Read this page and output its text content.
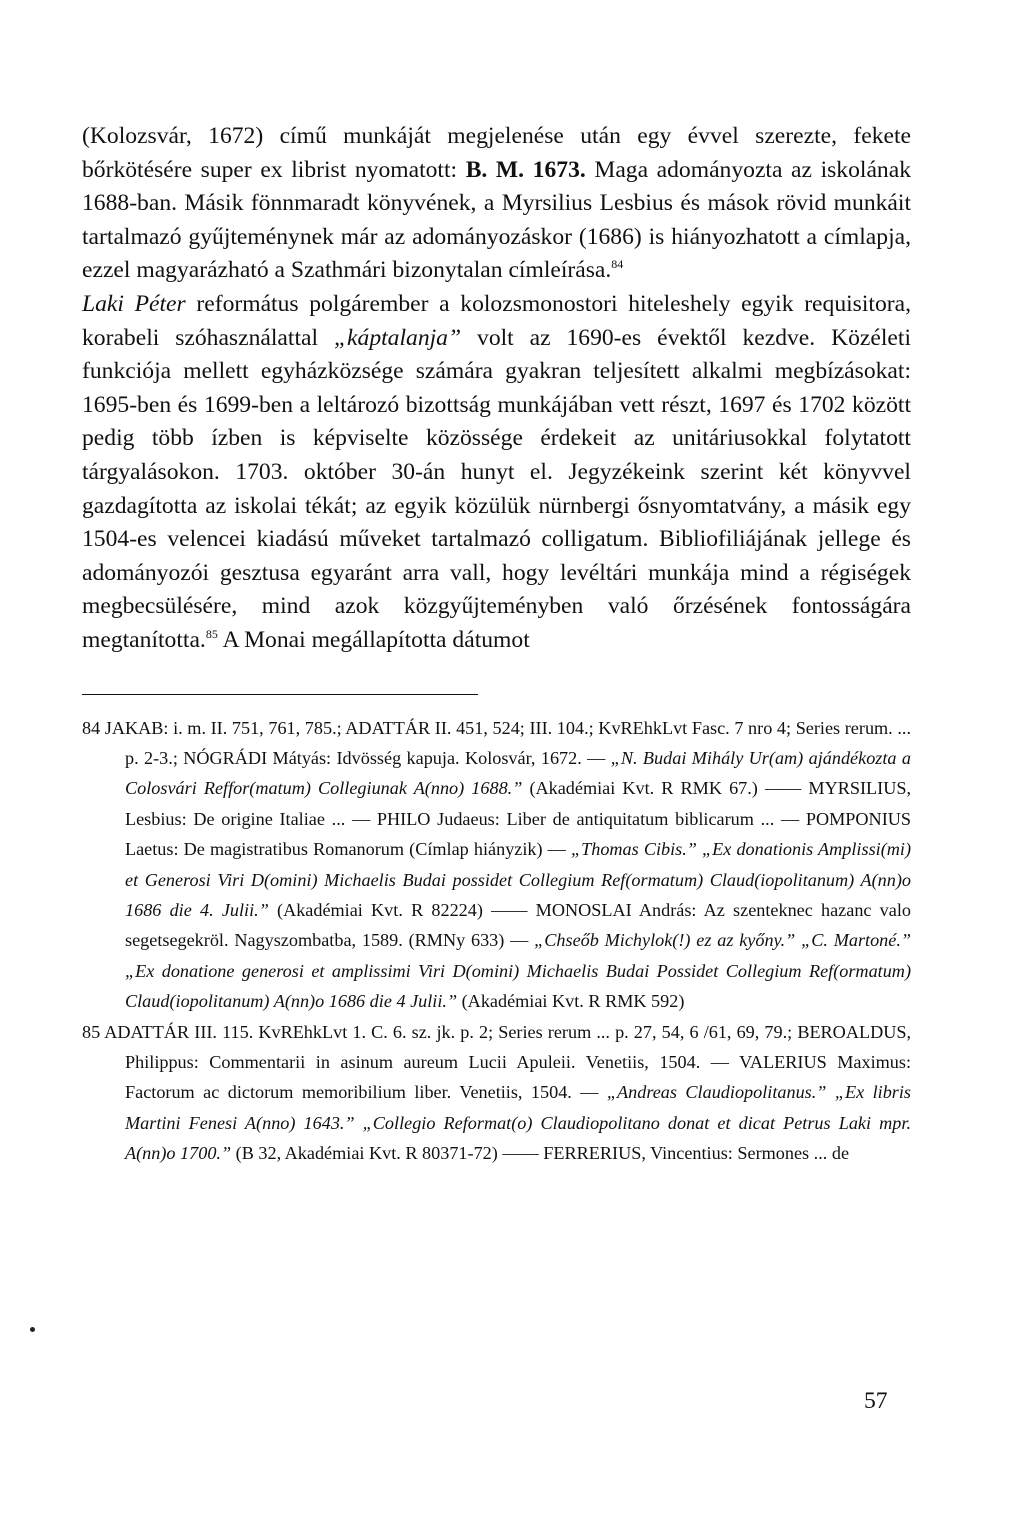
(Kolozsvár, 1672) című munkáját megjelenése után egy évvel szerezte, fekete bőrkötésére super ex librist nyomatott: B. M. 1673. Maga adományozta az iskolának 1688-ban. Másik fönnmaradt könyvének, a Myrsilius Lesbius és mások rövid munkáit tartalmazó gyűjteménynek már az adományozáskor (1686) is hiányozhatott a címlapja, ezzel magyarázható a Szathmári bizonytalan címleírása.$^{84}$

Laki Péter református polgárember a kolozsmonostori hiteleshely egyik requisitora, korabeli szóhasználattal „káptalanja” volt az 1690-es évektől kezdve. Közéleti funkciója mellett egyházközsége számára gyakran teljesített alkalmi megbízásokat: 1695-ben és 1699-ben a leltározó bizottság munkájában vett részt, 1697 és 1702 között pedig több ízben is képviselte közössége érdekeit az unitáriusokkal folytatott tárgyalásokon. 1703. október 30-án hunyt el. Jegyzékeink szerint két könyvvel gazdagította az iskolai tékát; az egyik közülük nürnbergi ősnyomtatvány, a másik egy 1504-es velencei kiadású műveket tartalmazó colligatum. Bibliofiliájának jellege és adományozói gesztusa egyaránt arra vall, hogy levéltári munkája mind a régiségek megbecsülésére, mind azok közgyűjteményben való őrzésének fontosságára megtanította.$^{85}$ A Monai megállapította dátumot

84 JAKAB: i. m. II. 751, 761, 785.; ADATTÁR II. 451, 524; III. 104.; KvREhkLvt Fasc. 7 nro 4; Series rerum. ... p. 2-3.; NÓGRÁDI Mátyás: Idvösség kapuja. Kolosvár, 1672. — „N. Budai Mihály Ur(am) ajándékozta a Colosvári Reffor(matum) Collegiunak A(nno) 1688.” (Akadémiai Kvt. R RMK 67.) —— MYRSILIUS, Lesbius: De origine Italiae ... — PHILO Judaeus: Liber de antiquitatum biblicarum ... — POMPONIUS Laetus: De magistratibus Romanorum (Címlap hiányzik) — „Thomas Cibis.” „Ex donationis Amplissi(mi) et Generosi Viri D(omini) Michaelis Budai possidet Collegium Ref(ormatum) Claud(iopolitanum) A(nn)o 1686 die 4. Julii.” (Akadémiai Kvt. R 82224) —— MONOSLAI András: Az szenteknec hazanc valo segetsegekröl. Nagyszombatba, 1589. (RMNy 633) — „Chseőb Michylok(!) ez az kyőny.” „C. Martoné.” „Ex donatione generosi et amplissimi Viri D(omini) Michaelis Budai Possidet Collegium Ref(ormatum) Claud(iopolitanum) A(nn)o 1686 die 4 Julii.” (Akadémiai Kvt. R RMK 592)

85 ADATTÁR III. 115. KvREhkLvt 1. C. 6. sz. jk. p. 2; Series rerum ... p. 27, 54, 6 /61, 69, 79.; BEROALDUS, Philippus: Commentarii in asinum aureum Lucii Apuleii. Venetiis, 1504. — VALERIUS Maximus: Factorum ac dictorum memoribilium liber. Venetiis, 1504. — „Andreas Claudiopolitanus.” „Ex libris Martini Fenesi A(nno) 1643.” „Collegio Reformat(o) Claudiopolitano donat et dicat Petrus Laki mpr. A(nn)o 1700.” (B 32, Akadémiai Kvt. R 80371-72) —— FERRERIUS, Vincentius: Sermones ... de

57
